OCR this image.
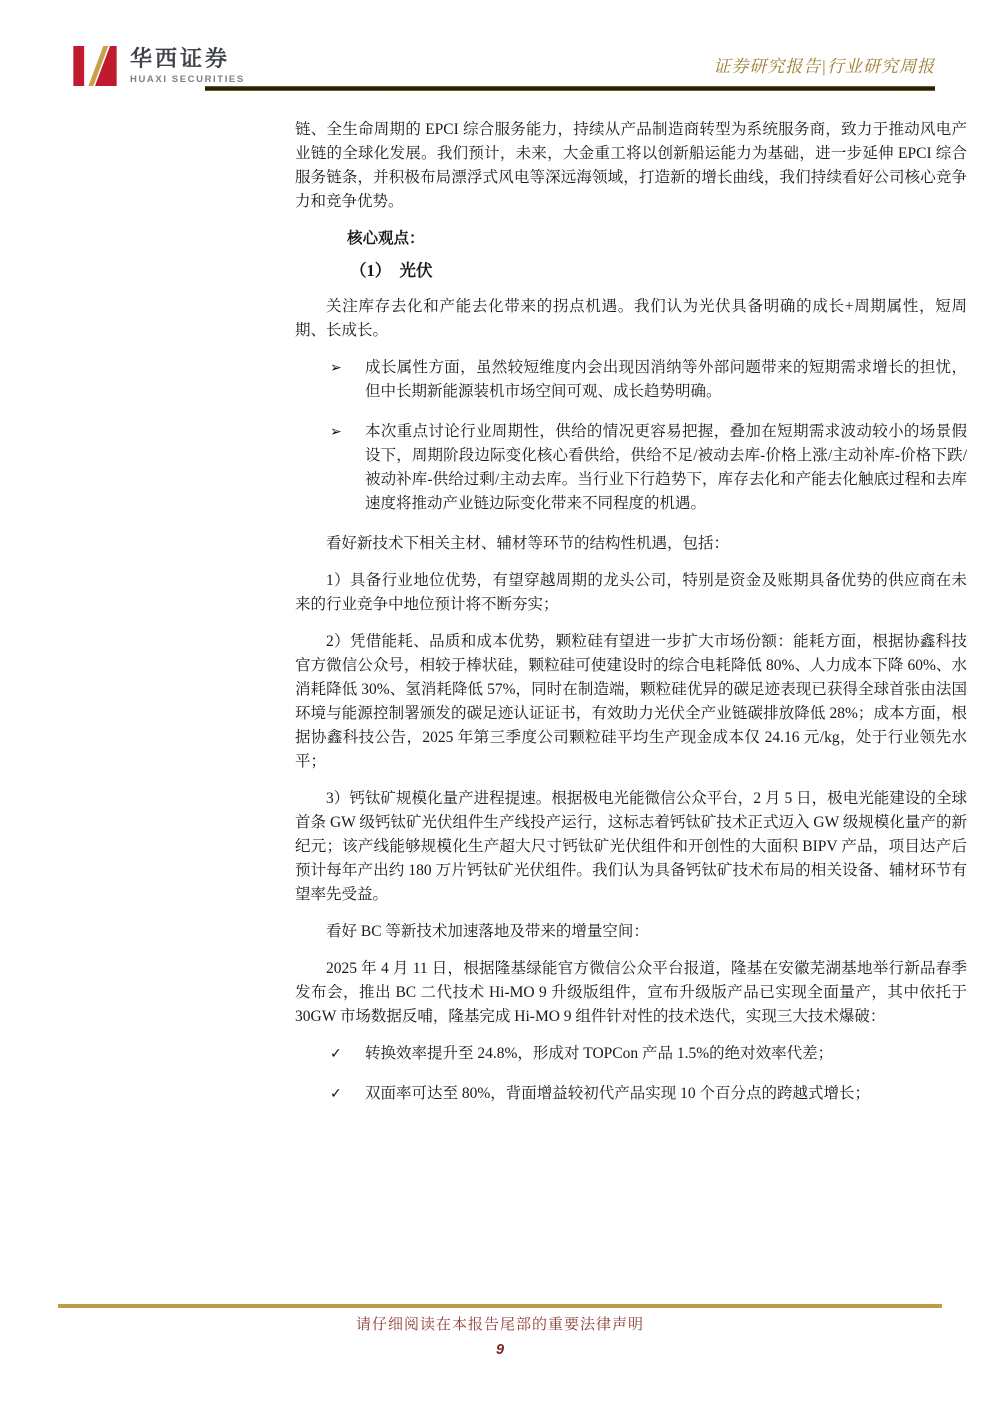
华西证券
HUAXI SECURITIES
证券研究报告|行业研究周报

链、全生命周期的 EPCI 综合服务能力，持续从产品制造商转型为系统服务商，致力于推动风电产业链的全球化发展。我们预计，未来，大金重工将以创新船运能力为基础，进一步延伸 EPCI 综合服务链条，并积极布局漂浮式风电等深远海领域，打造新的增长曲线，我们持续看好公司核心竞争力和竞争优势。

核心观点：
（1）　光伏

关注库存去化和产能去化带来的拐点机遇。我们认为光伏具备明确的成长+周期属性，短周期、长成长。

➢	成长属性方面，虽然较短维度内会出现因消纳等外部问题带来的短期需求增长的担忧，但中长期新能源装机市场空间可观、成长趋势明确。
➢	本次重点讨论行业周期性，供给的情况更容易把握，叠加在短期需求波动较小的场景假设下，周期阶段边际变化核心看供给，供给不足/被动去库-价格上涨/主动补库-价格下跌/被动补库-供给过剩/主动去库。当行业下行趋势下，库存去化和产能去化触底过程和去库速度将推动产业链边际变化带来不同程度的机遇。

看好新技术下相关主材、辅材等环节的结构性机遇，包括：

1）具备行业地位优势，有望穿越周期的龙头公司，特别是资金及账期具备优势的供应商在未来的行业竞争中地位预计将不断夯实；

2）凭借能耗、品质和成本优势，颗粒硅有望进一步扩大市场份额：能耗方面，根据协鑫科技官方微信公众号，相较于棒状硅，颗粒硅可使建设时的综合电耗降低 80%、人力成本下降 60%、水消耗降低 30%、氢消耗降低 57%，同时在制造端，颗粒硅优异的碳足迹表现已获得全球首张由法国环境与能源控制署颁发的碳足迹认证证书，有效助力光伏全产业链碳排放降低 28%；成本方面，根据协鑫科技公告，2025 年第三季度公司颗粒硅平均生产现金成本仅 24.16 元/kg，处于行业领先水平；

3）钙钛矿规模化量产进程提速。根据极电光能微信公众平台，2 月 5 日，极电光能建设的全球首条 GW 级钙钛矿光伏组件生产线投产运行，这标志着钙钛矿技术正式迈入 GW 级规模化量产的新纪元；该产线能够规模化生产超大尺寸钙钛矿光伏组件和开创性的大面积 BIPV 产品，项目达产后预计每年产出约 180 万片钙钛矿光伏组件。我们认为具备钙钛矿技术布局的相关设备、辅材环节有望率先受益。

看好 BC 等新技术加速落地及带来的增量空间：

2025 年 4 月 11 日，根据隆基绿能官方微信公众平台报道，隆基在安徽芜湖基地举行新品春季发布会，推出 BC 二代技术 Hi-MO 9 升级版组件，宣布升级版产品已实现全面量产，其中依托于 30GW 市场数据反哺，隆基完成 Hi-MO 9 组件针对性的技术迭代，实现三大技术爆破：

✓	转换效率提升至 24.8%，形成对 TOPCon 产品 1.5%的绝对效率代差；
✓	双面率可达至 80%，背面增益较初代产品实现 10 个百分点的跨越式增长；
请仔细阅读在本报告尾部的重要法律声明
9
